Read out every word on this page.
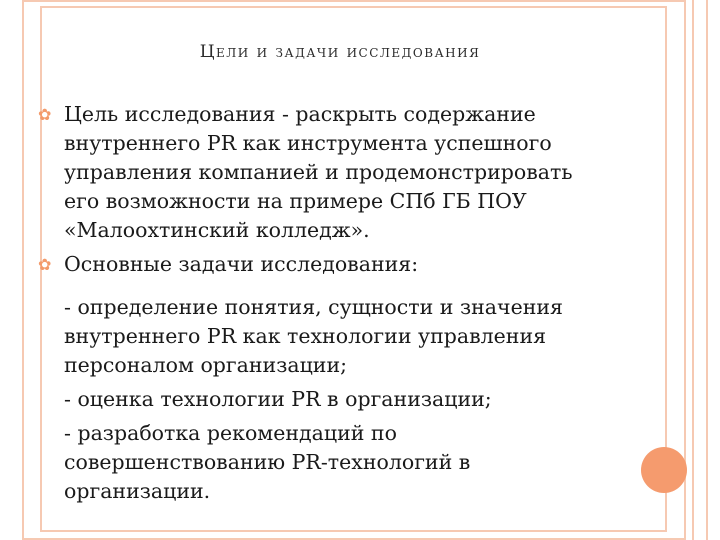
Цели и задачи исследования
✿ Цель исследования - раскрыть содержание
внутреннего PR как инструмента успешного
управления компанией и продемонстрировать
его возможности на примере СПб ГБ ПОУ
«Малоохтинский колледж».
✿ Основные задачи исследования:
- определение понятия, сущности и значения
внутреннего PR как технологии управления
персоналом организации;
- оценка технологии PR в организации;
- разработка рекомендаций по
совершенствованию PR-технологий в
организации.
